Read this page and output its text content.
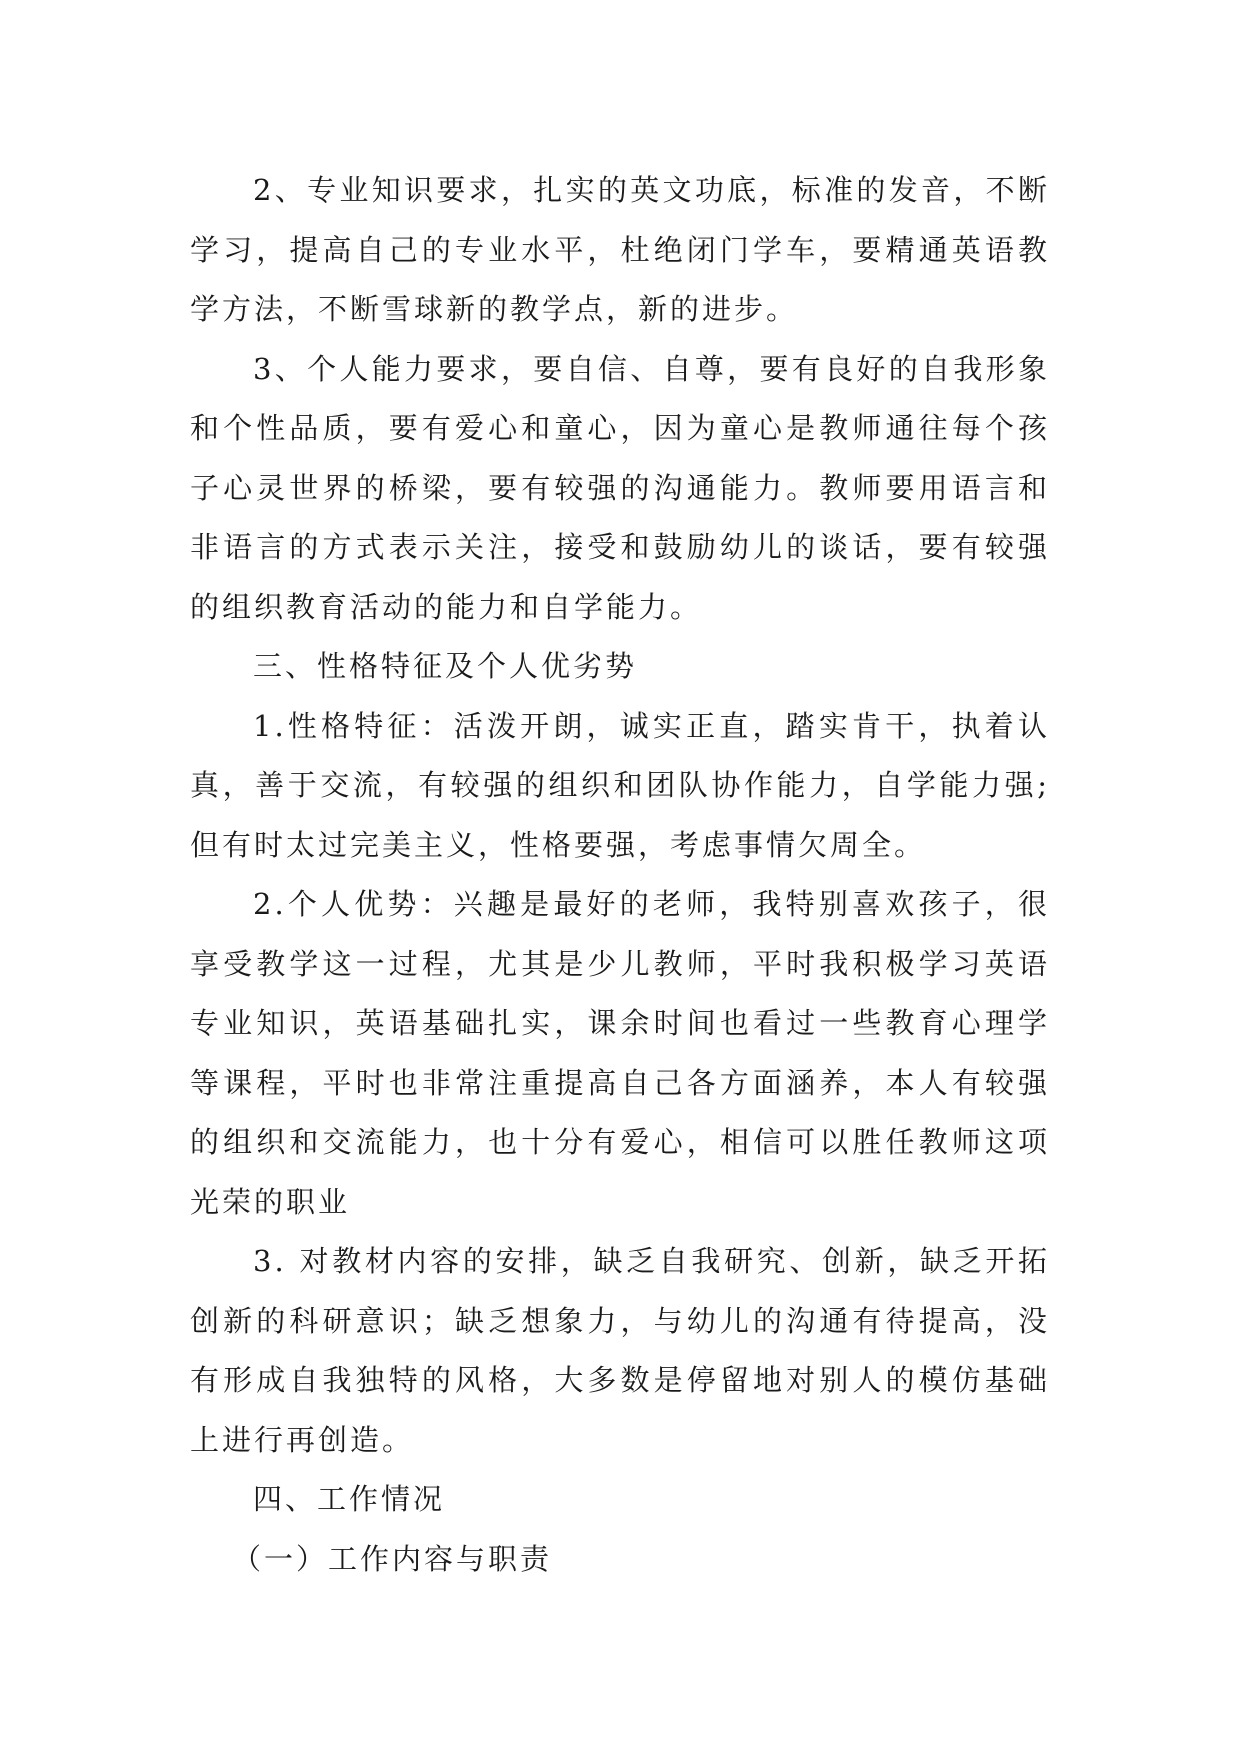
2、专业知识要求，扎实的英文功底，标准的发音，不断学习，提高自己的专业水平，杜绝闭门学车，要精通英语教学方法，不断雪球新的教学点，新的进步。

3、个人能力要求，要自信、自尊，要有良好的自我形象和个性品质，要有爱心和童心，因为童心是教师通往每个孩子心灵世界的桥梁，要有较强的沟通能力。教师要用语言和非语言的方式表示关注，接受和鼓励幼儿的谈话，要有较强的组织教育活动的能力和自学能力。

三、性格特征及个人优劣势

1.性格特征：活泼开朗，诚实正直，踏实肯干，执着认真，善于交流，有较强的组织和团队协作能力，自学能力强;但有时太过完美主义，性格要强，考虑事情欠周全。

2.个人优势：兴趣是最好的老师，我特别喜欢孩子，很享受教学这一过程，尤其是少儿教师，平时我积极学习英语专业知识，英语基础扎实，课余时间也看过一些教育心理学等课程，平时也非常注重提高自己各方面涵养，本人有较强的组织和交流能力，也十分有爱心，相信可以胜任教师这项光荣的职业

3. 对教材内容的安排，缺乏自我研究、创新，缺乏开拓创新的科研意识；缺乏想象力，与幼儿的沟通有待提高，没有形成自我独特的风格，大多数是停留地对别人的模仿基础上进行再创造。

四、工作情况

（一）工作内容与职责
